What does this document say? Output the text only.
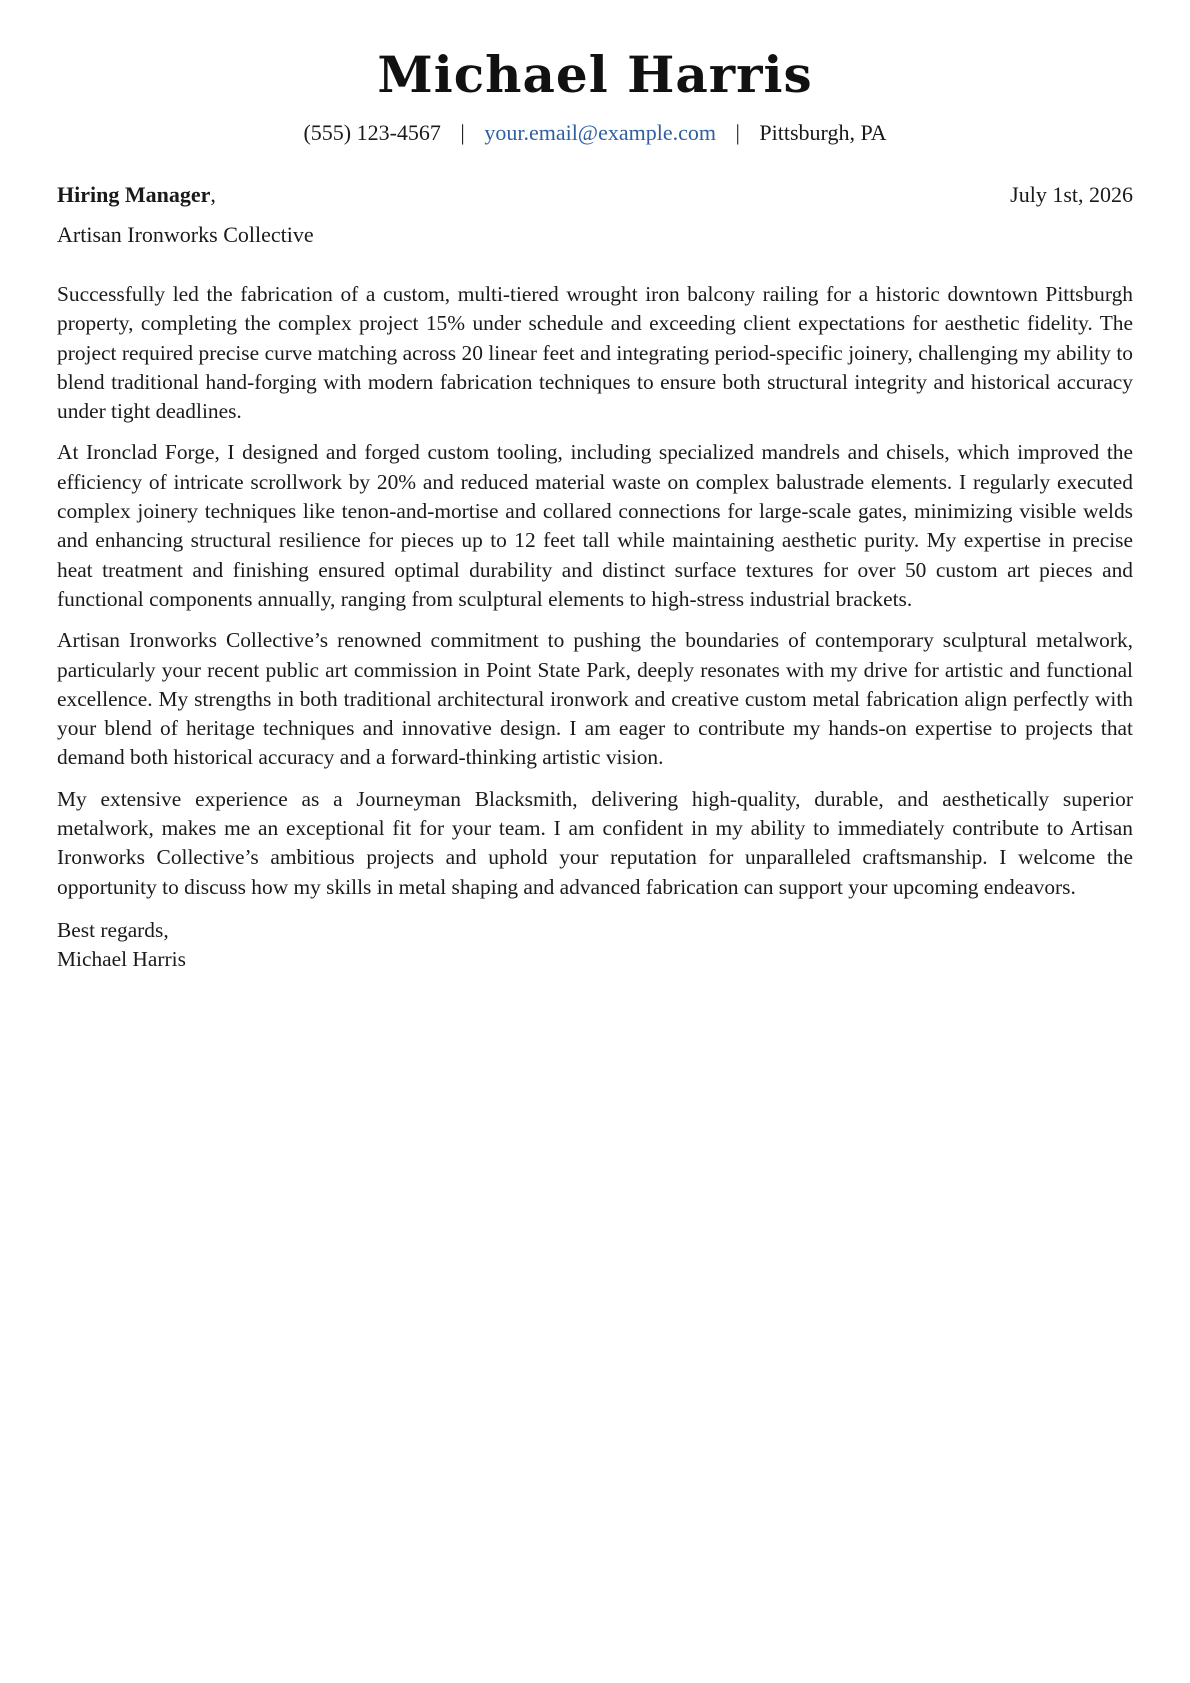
Michael Harris
(555) 123-4567 | your.email@example.com | Pittsburgh, PA
Hiring Manager,	July 1st, 2026
Artisan Ironworks Collective

Successfully led the fabrication of a custom, multi-tiered wrought iron balcony railing for a historic downtown Pittsburgh property, completing the complex project 15% under schedule and exceeding client expectations for aesthetic fidelity. The project required precise curve matching across 20 linear feet and integrating period-specific joinery, challenging my ability to blend traditional hand-forging with modern fabrication techniques to ensure both structural integrity and historical accuracy under tight deadlines.

At Ironclad Forge, I designed and forged custom tooling, including specialized mandrels and chisels, which improved the efficiency of intricate scrollwork by 20% and reduced material waste on complex balustrade elements. I regularly executed complex joinery techniques like tenon-and-mortise and collared connections for large-scale gates, minimizing visible welds and enhancing structural resilience for pieces up to 12 feet tall while maintaining aesthetic purity. My expertise in precise heat treatment and finishing ensured optimal durability and distinct surface textures for over 50 custom art pieces and functional components annually, ranging from sculptural elements to high-stress industrial brackets.

Artisan Ironworks Collective’s renowned commitment to pushing the boundaries of contemporary sculptural metalwork, particularly your recent public art commission in Point State Park, deeply resonates with my drive for artistic and functional excellence. My strengths in both traditional architectural ironwork and creative custom metal fabrication align perfectly with your blend of heritage techniques and innovative design. I am eager to contribute my hands-on expertise to projects that demand both historical accuracy and a forward-thinking artistic vision.

My extensive experience as a Journeyman Blacksmith, delivering high-quality, durable, and aesthetically superior metalwork, makes me an exceptional fit for your team. I am confident in my ability to immediately contribute to Artisan Ironworks Collective’s ambitious projects and uphold your reputation for unparalleled craftsmanship. I welcome the opportunity to discuss how my skills in metal shaping and advanced fabrication can support your upcoming endeavors.

Best regards,
Michael Harris
